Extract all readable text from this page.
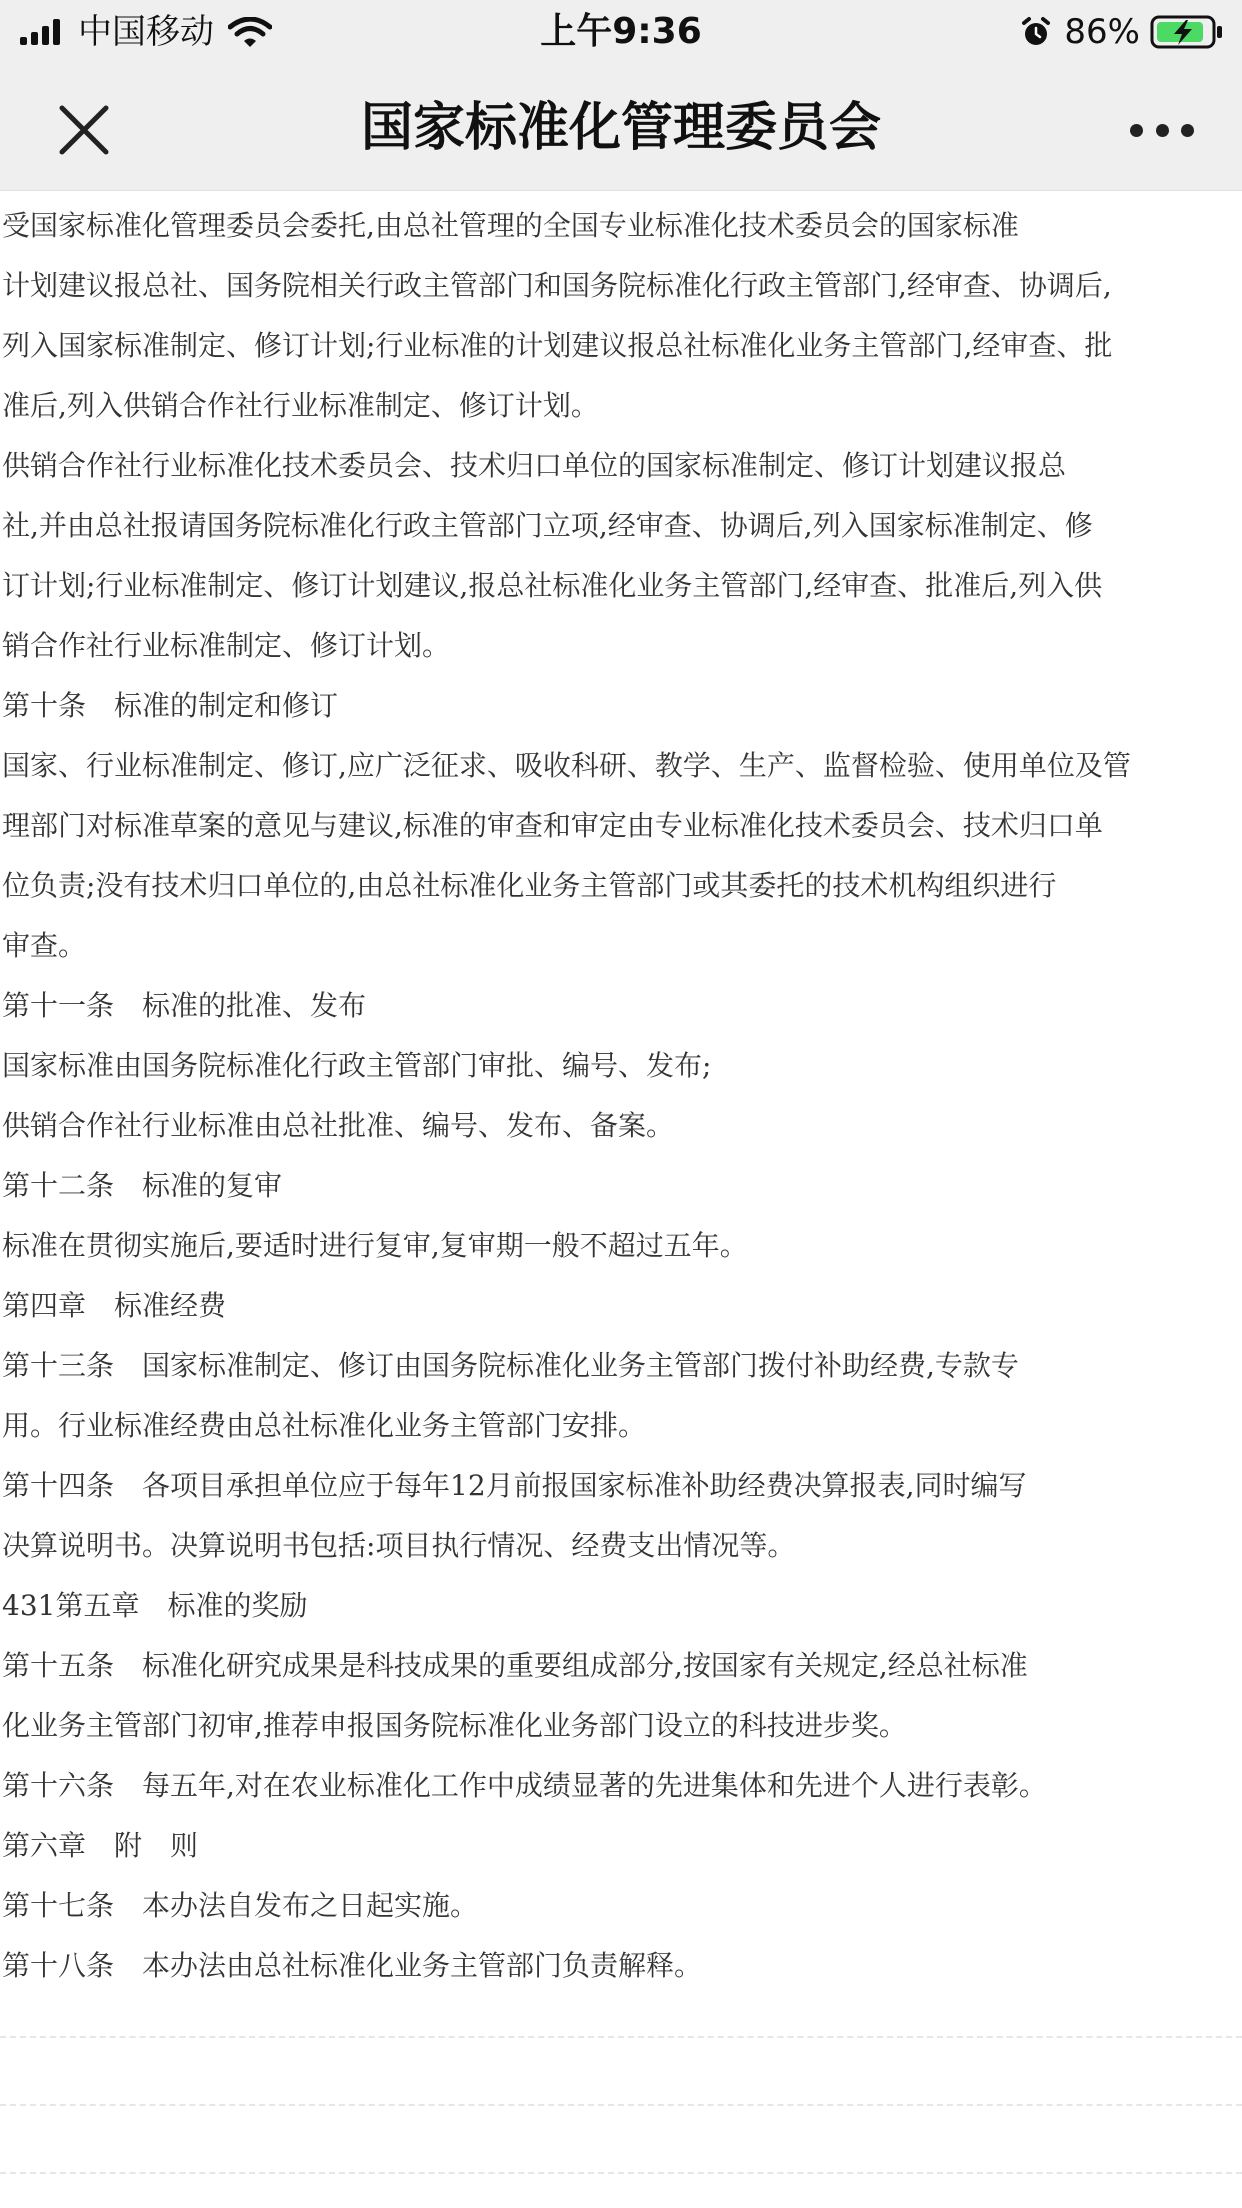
中国移动	上午9:36	86%
国家标准化管理委员会

受国家标准化管理委员会委托,由总社管理的全国专业标准化技术委员会的国家标准

计划建议报总社、国务院相关行政主管部门和国务院标准化行政主管部门,经审查、协调后,

列入国家标准制定、修订计划;行业标准的计划建议报总社标准化业务主管部门,经审查、批

准后,列入供销合作社行业标准制定、修订计划。

供销合作社行业标准化技术委员会、技术归口单位的国家标准制定、修订计划建议报总

社,并由总社报请国务院标准化行政主管部门立项,经审查、协调后,列入国家标准制定、修

订计划;行业标准制定、修订计划建议,报总社标准化业务主管部门,经审查、批准后,列入供

销合作社行业标准制定、修订计划。

第十条　标准的制定和修订

国家、行业标准制定、修订,应广泛征求、吸收科研、教学、生产、监督检验、使用单位及管

理部门对标准草案的意见与建议,标准的审查和审定由专业标准化技术委员会、技术归口单

位负责;没有技术归口单位的,由总社标准化业务主管部门或其委托的技术机构组织进行

审查。

第十一条　标准的批准、发布

国家标准由国务院标准化行政主管部门审批、编号、发布;

供销合作社行业标准由总社批准、编号、发布、备案。

第十二条　标准的复审

标准在贯彻实施后,要适时进行复审,复审期一般不超过五年。

第四章　标准经费

第十三条　国家标准制定、修订由国务院标准化业务主管部门拨付补助经费,专款专

用。行业标准经费由总社标准化业务主管部门安排。

第十四条　各项目承担单位应于每年12月前报国家标准补助经费决算报表,同时编写

决算说明书。决算说明书包括:项目执行情况、经费支出情况等。

431第五章　标准的奖励

第十五条　标准化研究成果是科技成果的重要组成部分,按国家有关规定,经总社标准

化业务主管部门初审,推荐申报国务院标准化业务部门设立的科技进步奖。

第十六条　每五年,对在农业标准化工作中成绩显著的先进集体和先进个人进行表彰。

第六章　附　则

第十七条　本办法自发布之日起实施。

第十八条　本办法由总社标准化业务主管部门负责解释。
